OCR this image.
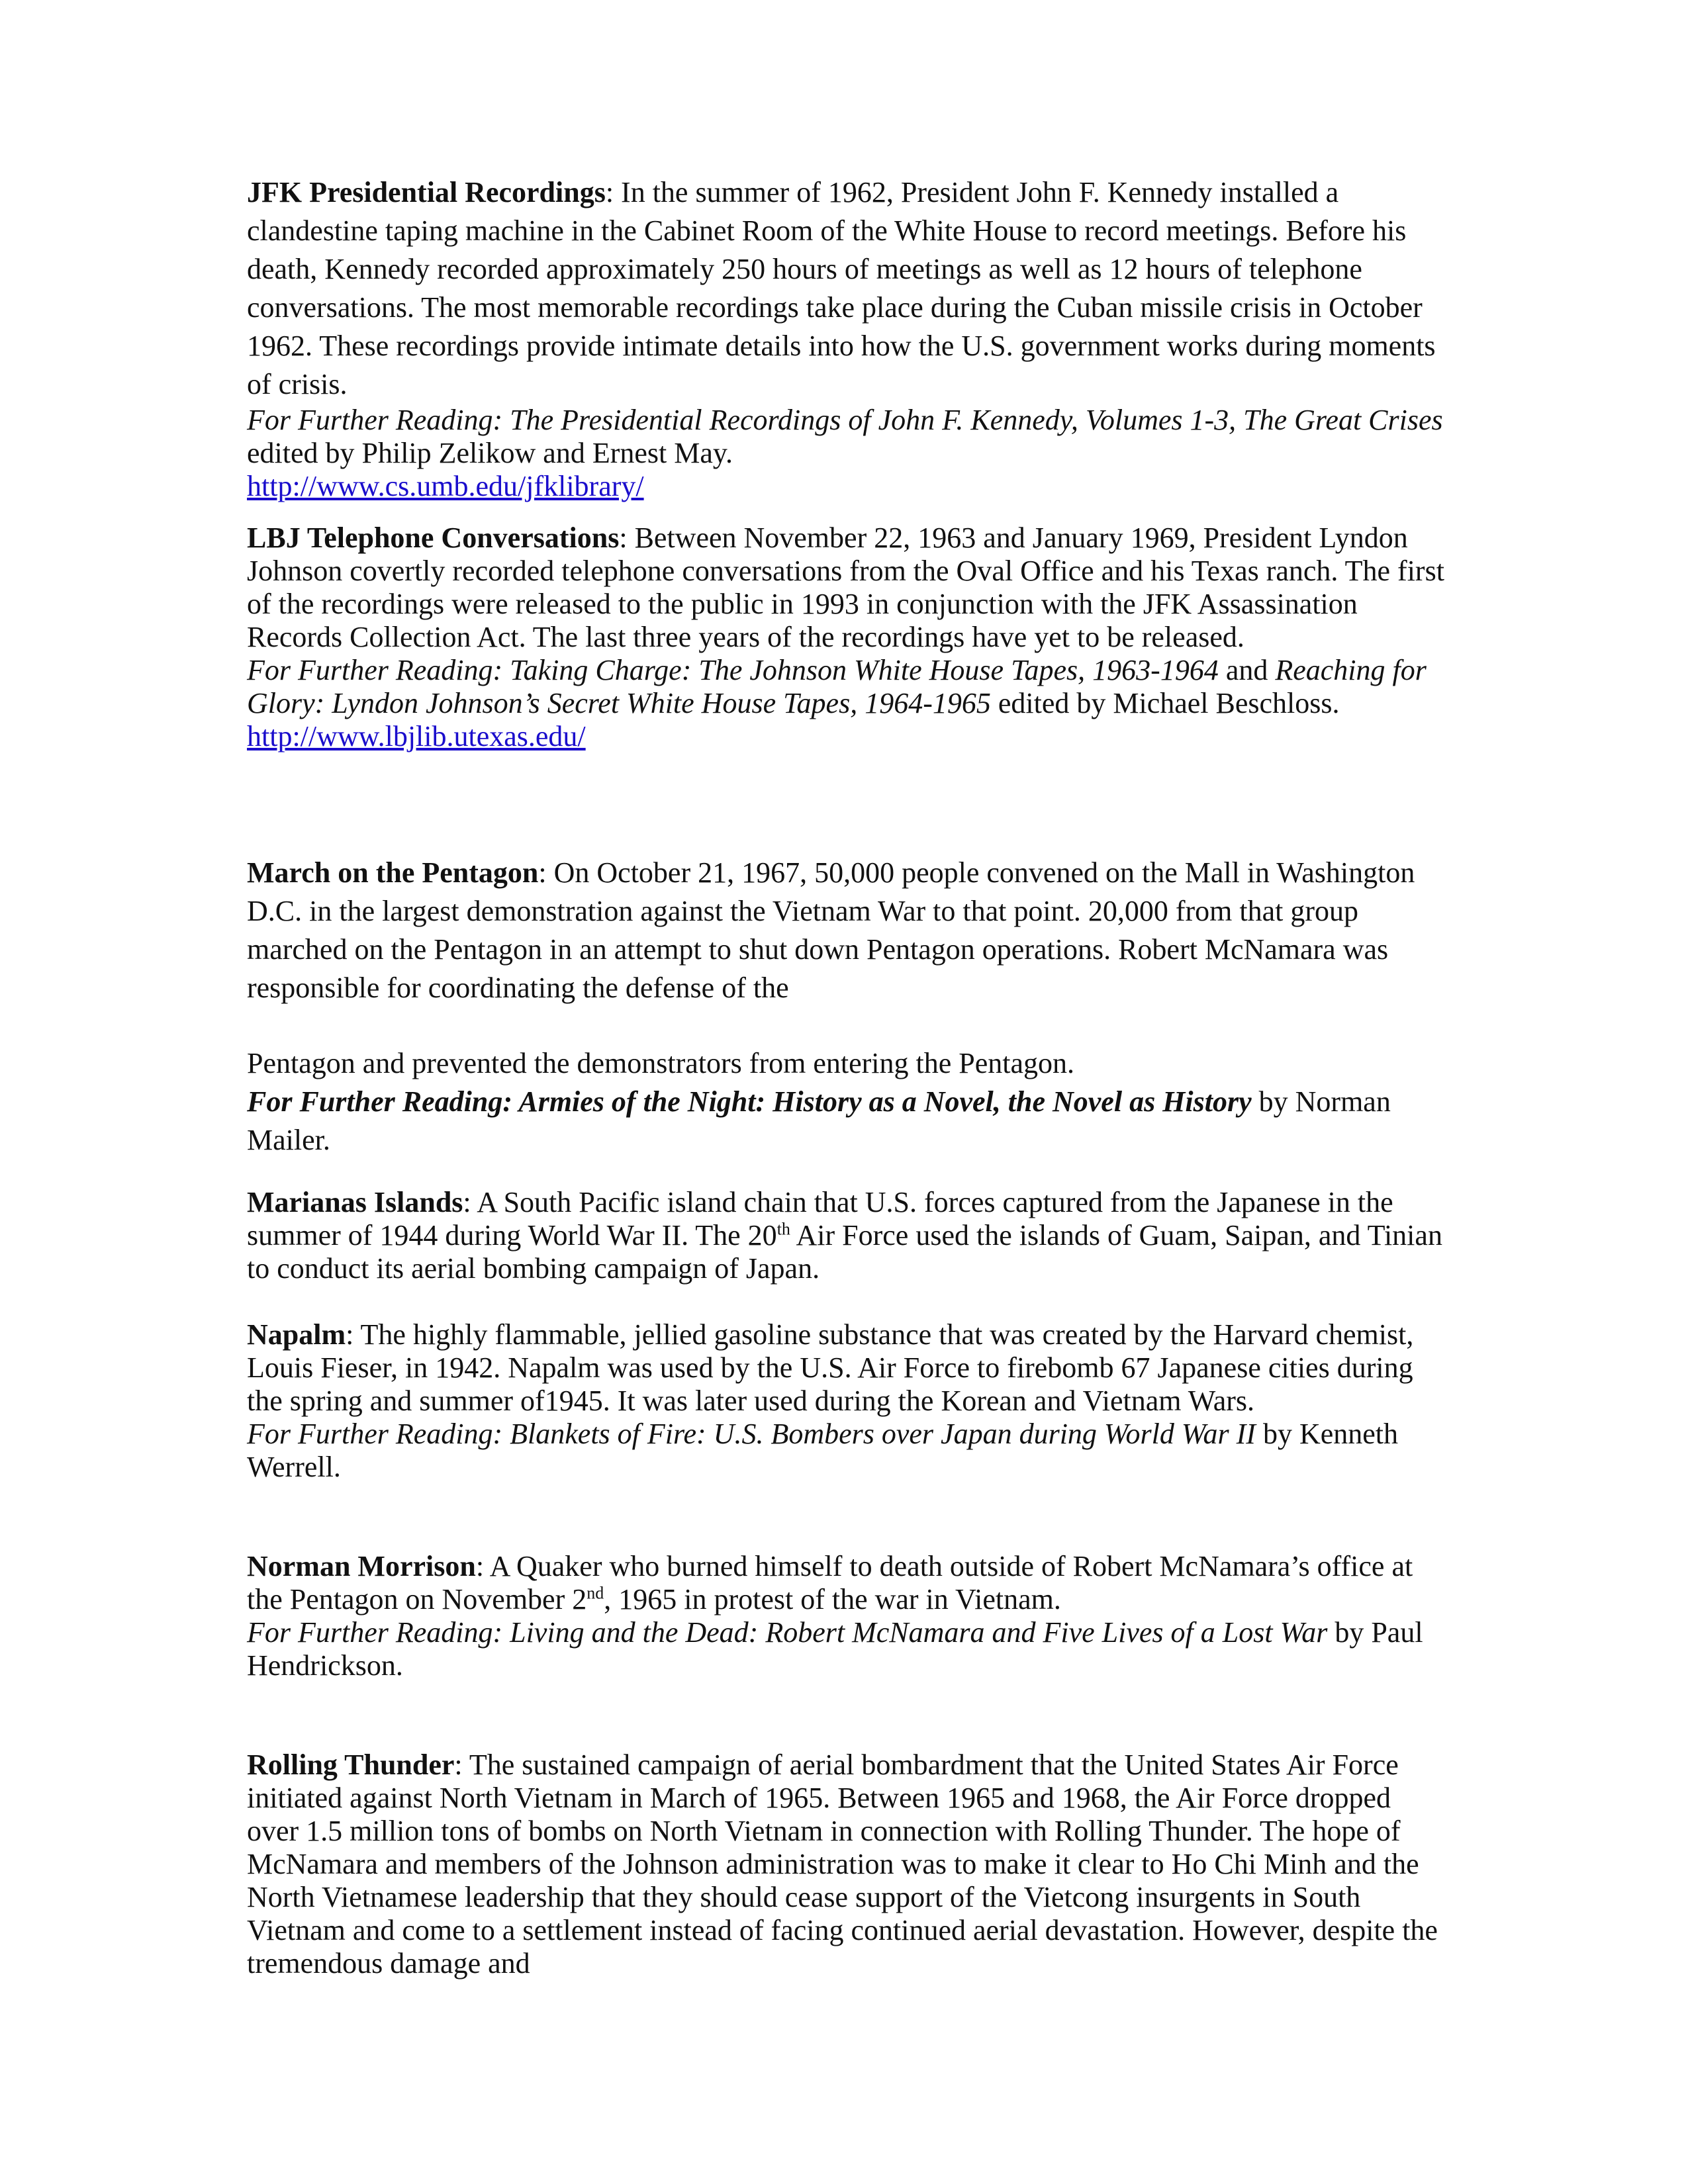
JFK Presidential Recordings: In the summer of 1962, President John F. Kennedy installed a clandestine taping machine in the Cabinet Room of the White House to record meetings. Before his death, Kennedy recorded approximately 250 hours of meetings as well as 12 hours of telephone conversations. The most memorable recordings take place during the Cuban missile crisis in October 1962. These recordings provide intimate details into how the U.S. government works during moments of crisis.

For Further Reading: The Presidential Recordings of John F. Kennedy, Volumes 1-3, The Great Crises edited by Philip Zelikow and Ernest May.

http://www.cs.umb.edu/jfklibrary/

LBJ Telephone Conversations: Between November 22, 1963 and January 1969, President Lyndon Johnson covertly recorded telephone conversations from the Oval Office and his Texas ranch. The first of the recordings were released to the public in 1993 in conjunction with the JFK Assassination Records Collection Act. The last three years of the recordings have yet to be released.

For Further Reading: Taking Charge: The Johnson White House Tapes, 1963-1964 and Reaching for Glory: Lyndon Johnson’s Secret White House Tapes, 1964-1965 edited by Michael Beschloss.

http://www.lbjlib.utexas.edu/

March on the Pentagon: On October 21, 1967, 50,000 people convened on the Mall in Washington D.C. in the largest demonstration against the Vietnam War to that point. 20,000 from that group marched on the Pentagon in an attempt to shut down Pentagon operations. Robert McNamara was responsible for coordinating the defense of the

Pentagon and prevented the demonstrators from entering the Pentagon.

For Further Reading: Armies of the Night: History as a Novel, the Novel as History by Norman Mailer.

Marianas Islands: A South Pacific island chain that U.S. forces captured from the Japanese in the summer of 1944 during World War II. The 20th Air Force used the islands of Guam, Saipan, and Tinian to conduct its aerial bombing campaign of Japan.

Napalm: The highly flammable, jellied gasoline substance that was created by the Harvard chemist, Louis Fieser, in 1942. Napalm was used by the U.S. Air Force to firebomb 67 Japanese cities during the spring and summer of1945. It was later used during the Korean and Vietnam Wars.

For Further Reading: Blankets of Fire: U.S. Bombers over Japan during World War II by Kenneth Werrell.

Norman Morrison: A Quaker who burned himself to death outside of Robert McNamara’s office at the Pentagon on November 2nd, 1965 in protest of the war in Vietnam.

For Further Reading: Living and the Dead: Robert McNamara and Five Lives of a Lost War by Paul Hendrickson.

Rolling Thunder: The sustained campaign of aerial bombardment that the United States Air Force initiated against North Vietnam in March of 1965. Between 1965 and 1968, the Air Force dropped over 1.5 million tons of bombs on North Vietnam in connection with Rolling Thunder. The hope of McNamara and members of the Johnson administration was to make it clear to Ho Chi Minh and the North Vietnamese leadership that they should cease support of the Vietcong insurgents in South Vietnam and come to a settlement instead of facing continued aerial devastation. However, despite the tremendous damage and
